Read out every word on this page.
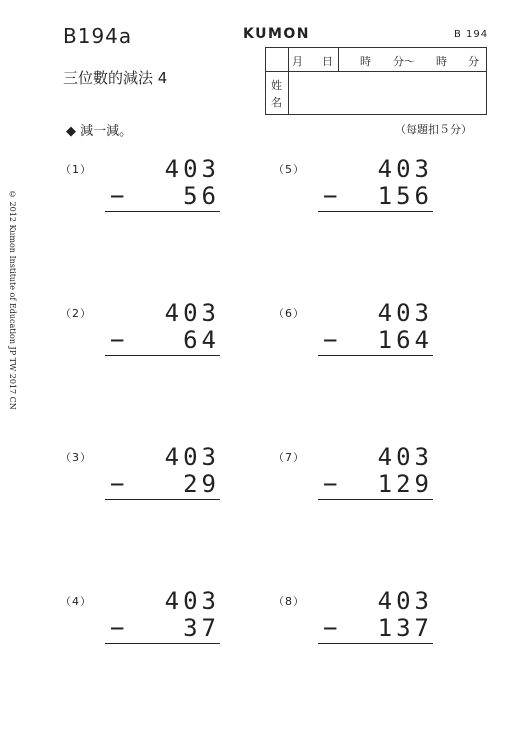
B194a	KUMON	B 194
三位數的減法 4
月 日 時 分～ 時 分
姓
名
◆ 減一減。	（每題扣５分）
© 2012 Kumon Institute of Education JP TW 2017 CN
（1）	403
−	56
（2）	403
−	64
（3）	403
−	29
（4）	403
−	37
（5）	403
−	156
（6）	403
−	164
（7）	403
−	129
（8）	403
−	137
